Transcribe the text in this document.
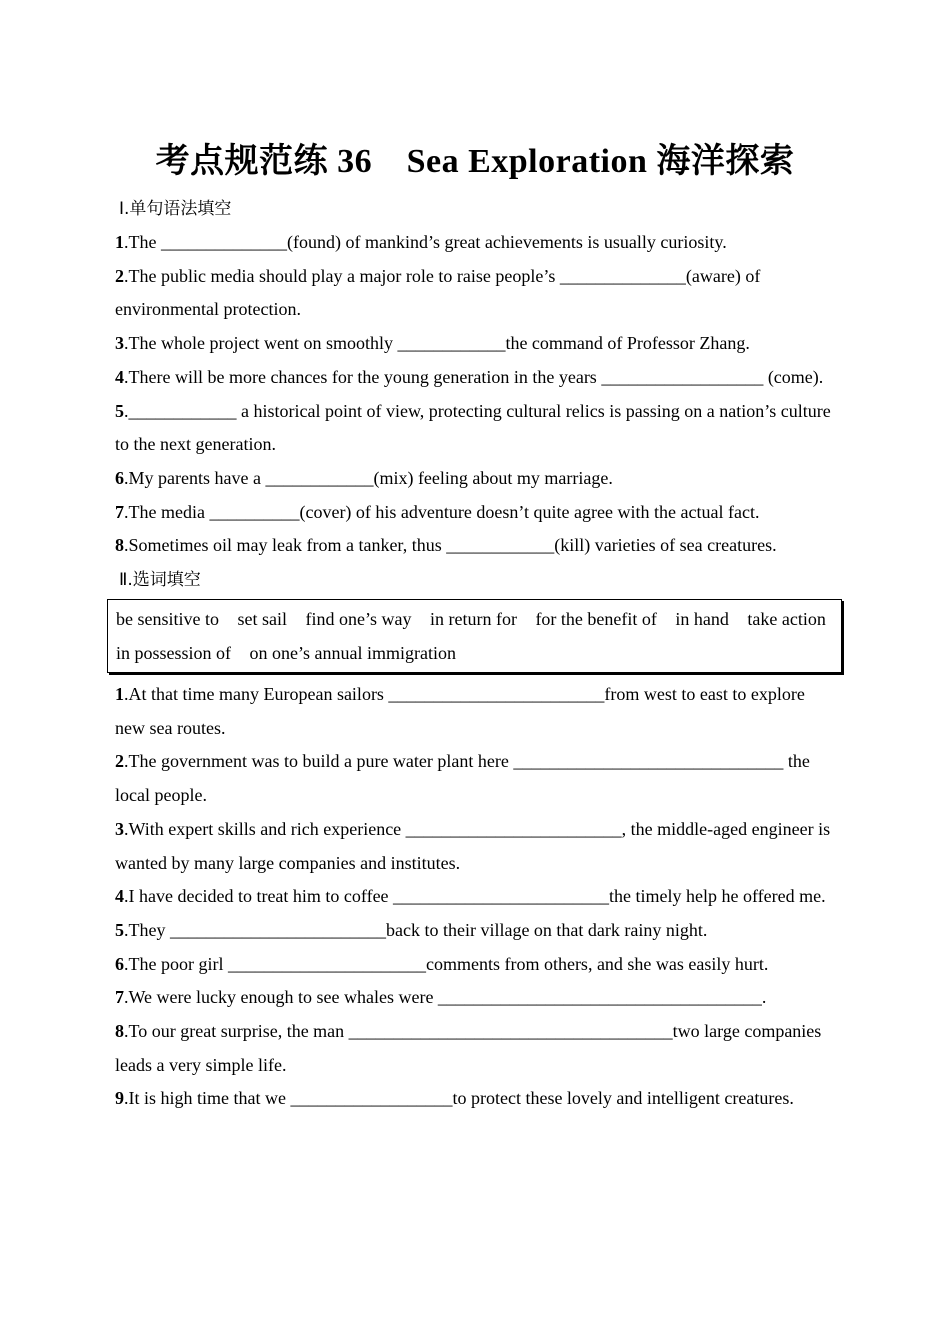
考点规范练 36　Sea Exploration 海洋探索
Ⅰ.单句语法填空
1.The ______________(found) of mankind’s great achievements is usually curiosity.
2.The public media should play a major role to raise people’s ______________(aware) of environmental protection.
3.The whole project went on smoothly ____________the command of Professor Zhang.
4.There will be more chances for the young generation in the years __________________ (come).
5.____________ a historical point of view, protecting cultural relics is passing on a nation’s culture to the next generation.
6.My parents have a ____________(mix) feeling about my marriage.
7.The media __________(cover) of his adventure doesn’t quite agree with the actual fact.
8.Sometimes oil may leak from a tanker, thus ____________(kill) varieties of sea creatures.
Ⅱ.选词填空
be sensitive to set sail find one’s way in return for for the benefit of in hand take action in possession of on one’s annual immigration
1.At that time many European sailors ________________________from west to east to explore new sea routes.
2.The government was to build a pure water plant here ______________________________ the local people.
3.With expert skills and rich experience ________________________, the middle-aged engineer is wanted by many large companies and institutes.
4.I have decided to treat him to coffee ________________________the timely help he offered me.
5.They ________________________back to their village on that dark rainy night.
6.The poor girl ______________________comments from others, and she was easily hurt.
7.We were lucky enough to see whales were ____________________________________.
8.To our great surprise, the man ____________________________________two large companies leads a very simple life.
9.It is high time that we __________________to protect these lovely and intelligent creatures.
